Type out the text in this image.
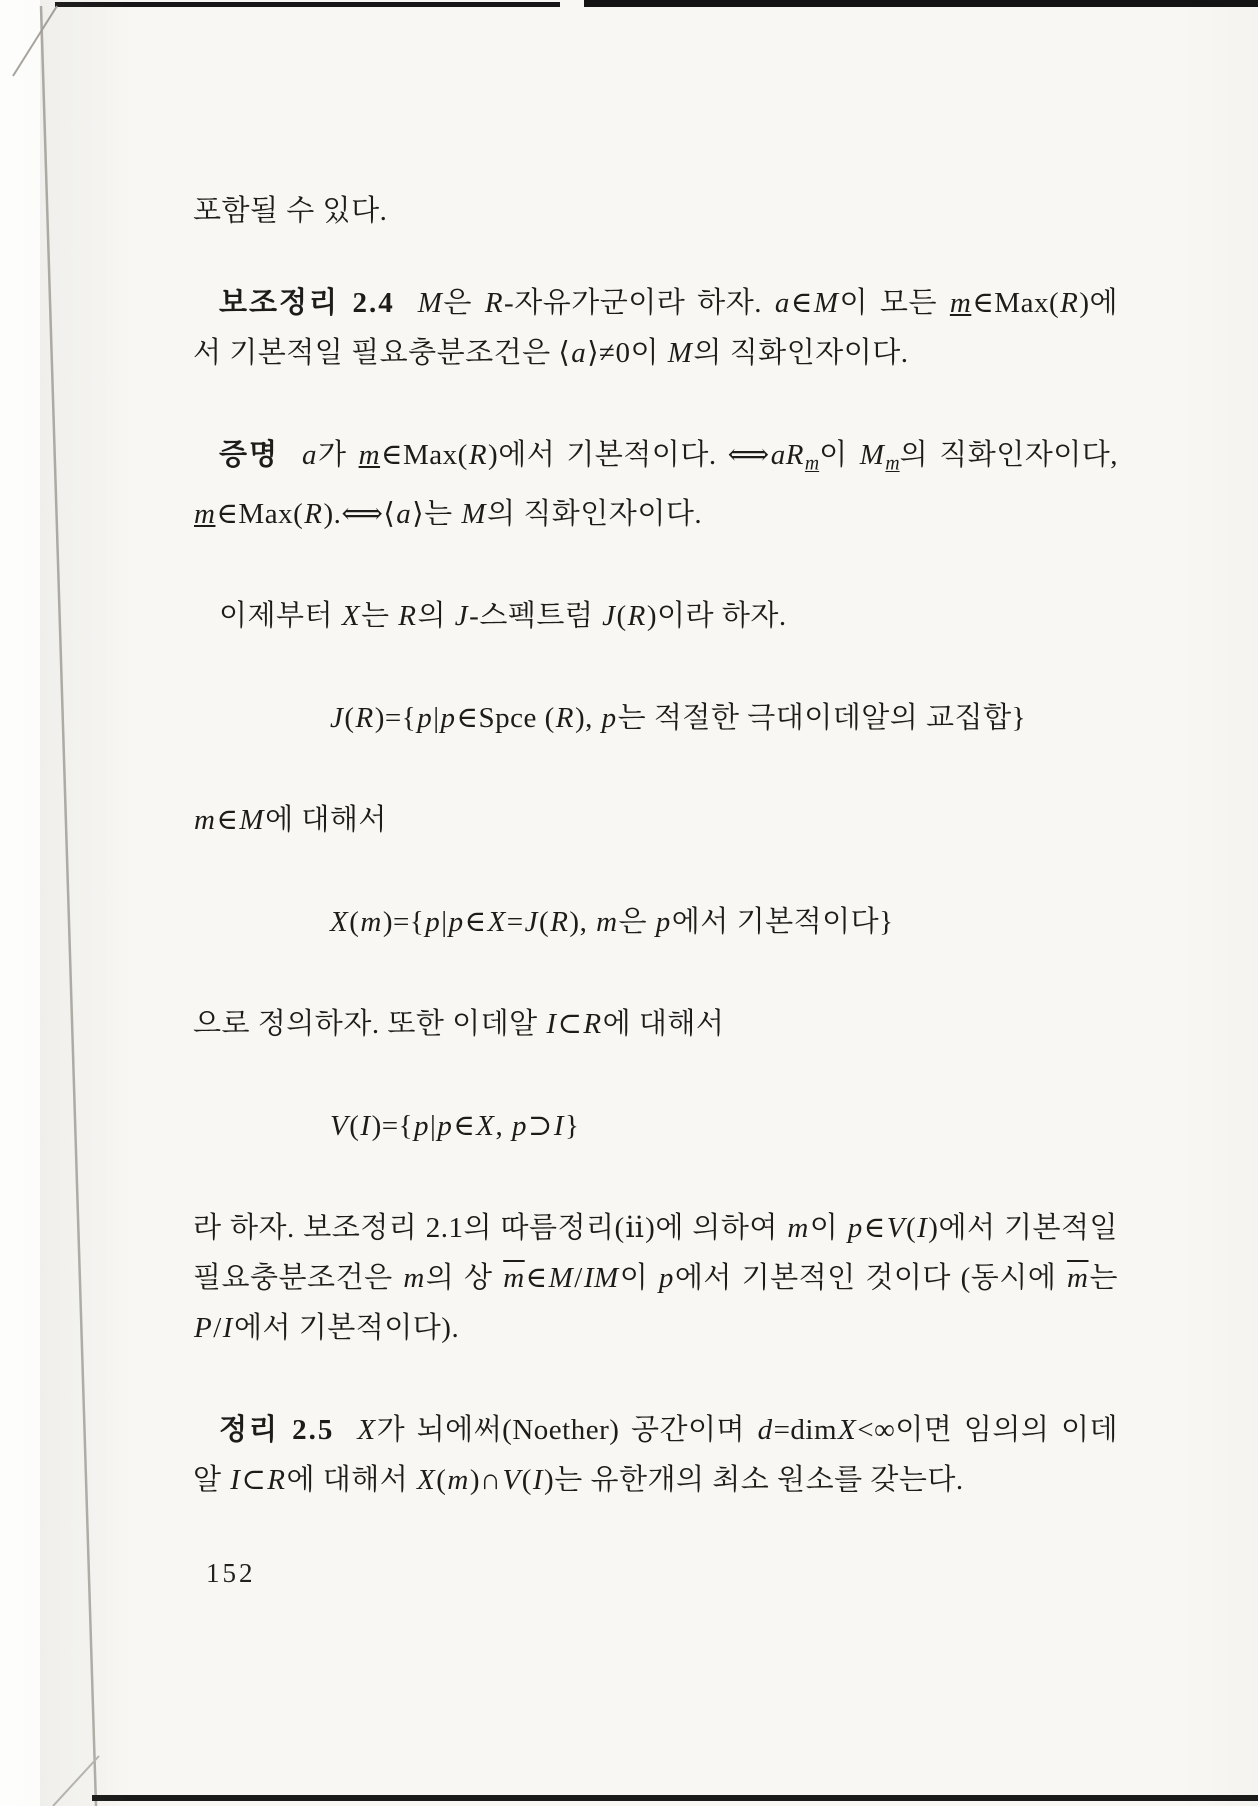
포함될 수 있다.

보조정리 2.4 M은 R-자유가군이라 하자. a∈M이 모든 m∈Max(R)에서 기본적일 필요충분조건은 ⟨a⟩≠0이 M의 직화인자이다.

증명 a가 m∈Max(R)에서 기본적이다. ⟺aRm이 Mm의 직화인자이다, m∈Max(R).⟺⟨a⟩는 M의 직화인자이다.

이제부터 X는 R의 J-스펙트럼 J(R)이라 하자.

J(R)={p|p∈Spce (R), p는 적절한 극대이데알의 교집합}

m∈M에 대해서

X(m)={p|p∈X=J(R), m은 p에서 기본적이다}

으로 정의하자. 또한 이데알 I⊂R에 대해서

V(I)={p|p∈X, p⊃I}

라 하자. 보조정리 2.1의 따름정리(ⅱ)에 의하여 m이 p∈V(I)에서 기본적일 필요충분조건은 m의 상 $\overline{m}\in M/IM$이 p에서 기본적인 것이다 (동시에 $\overline{m}$는 P/I에서 기본적이다).

정리 2.5 X가 뇌에써(Noether) 공간이며 d=dimX<∞이면 임의의 이데알 I⊂R에 대해서 X(m)∩V(I)는 유한개의 최소 원소를 갖는다.

152
